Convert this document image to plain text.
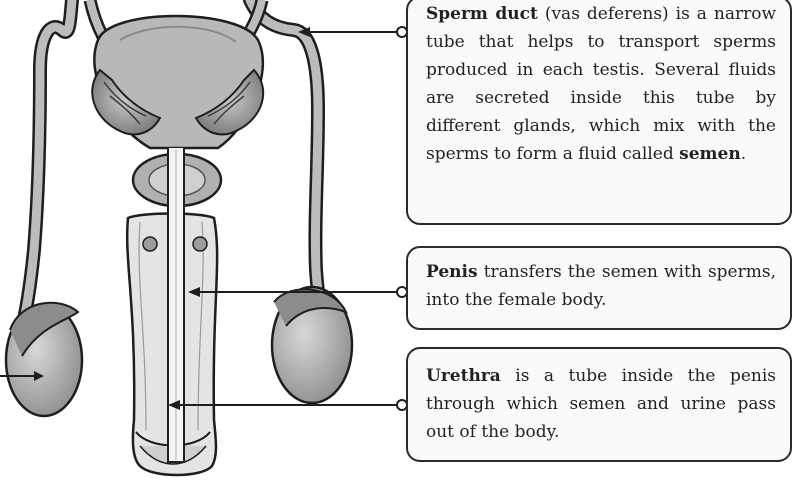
Sperm duct (vas deferens) is a narrow tube that helps to transport sperms produced in each testis. Several fluids are secreted inside this tube by different glands, which mix with the sperms to form a fluid called semen.
Penis transfers the semen with sperms, into the female body.
Urethra is a tube inside the penis through which semen and urine pass out of the body.
